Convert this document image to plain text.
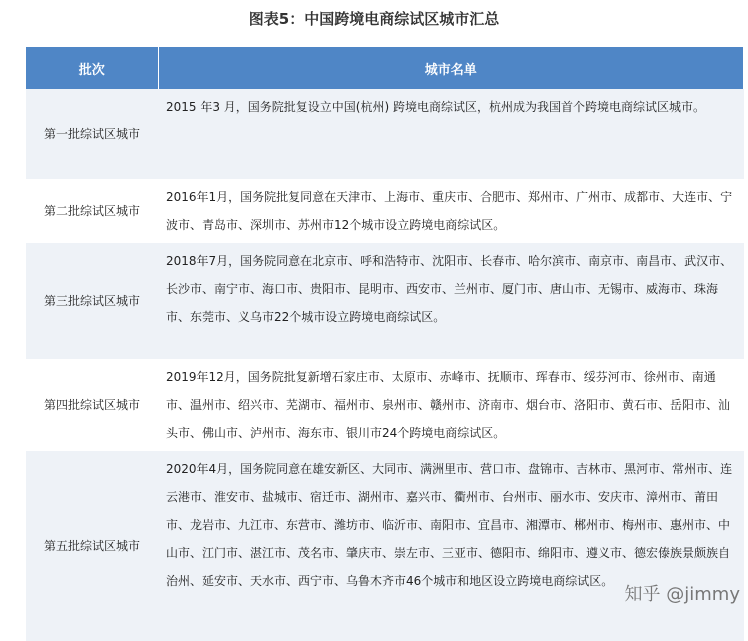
图表5：中国跨境电商综试区城市汇总
批次	城市名单
第一批综试区城市	2015 年3 月，国务院批复设立中国(杭州) 跨境电商综试区，杭州成为我国首个跨境电商综试区城市。
第二批综试区城市	2016年1月，国务院批复同意在天津市、上海市、重庆市、合肥市、郑州市、广州市、成都市、大连市、宁波市、青岛市、深圳市、苏州市12个城市设立跨境电商综试区。
第三批综试区城市	2018年7月，国务院同意在北京市、呼和浩特市、沈阳市、长春市、哈尔滨市、南京市、南昌市、武汉市、长沙市、南宁市、海口市、贵阳市、昆明市、西安市、兰州市、厦门市、唐山市、无锡市、威海市、珠海市、东莞市、义乌市22个城市设立跨境电商综试区。
第四批综试区城市	2019年12月，国务院批复新增石家庄市、太原市、赤峰市、抚顺市、珲春市、绥芬河市、徐州市、南通市、温州市、绍兴市、芜湖市、福州市、泉州市、赣州市、济南市、烟台市、洛阳市、黄石市、岳阳市、汕头市、佛山市、泸州市、海东市、银川市24个跨境电商综试区。
第五批综试区城市	2020年4月，国务院同意在雄安新区、大同市、满洲里市、营口市、盘锦市、吉林市、黑河市、常州市、连云港市、淮安市、盐城市、宿迁市、湖州市、嘉兴市、衢州市、台州市、丽水市、安庆市、漳州市、莆田市、龙岩市、九江市、东营市、潍坊市、临沂市、南阳市、宜昌市、湘潭市、郴州市、梅州市、惠州市、中山市、江门市、湛江市、茂名市、肇庆市、崇左市、三亚市、德阳市、绵阳市、遵义市、德宏傣族景颇族自治州、延安市、天水市、西宁市、乌鲁木齐市46个城市和地区设立跨境电商综试区。
知乎 @jimmy
